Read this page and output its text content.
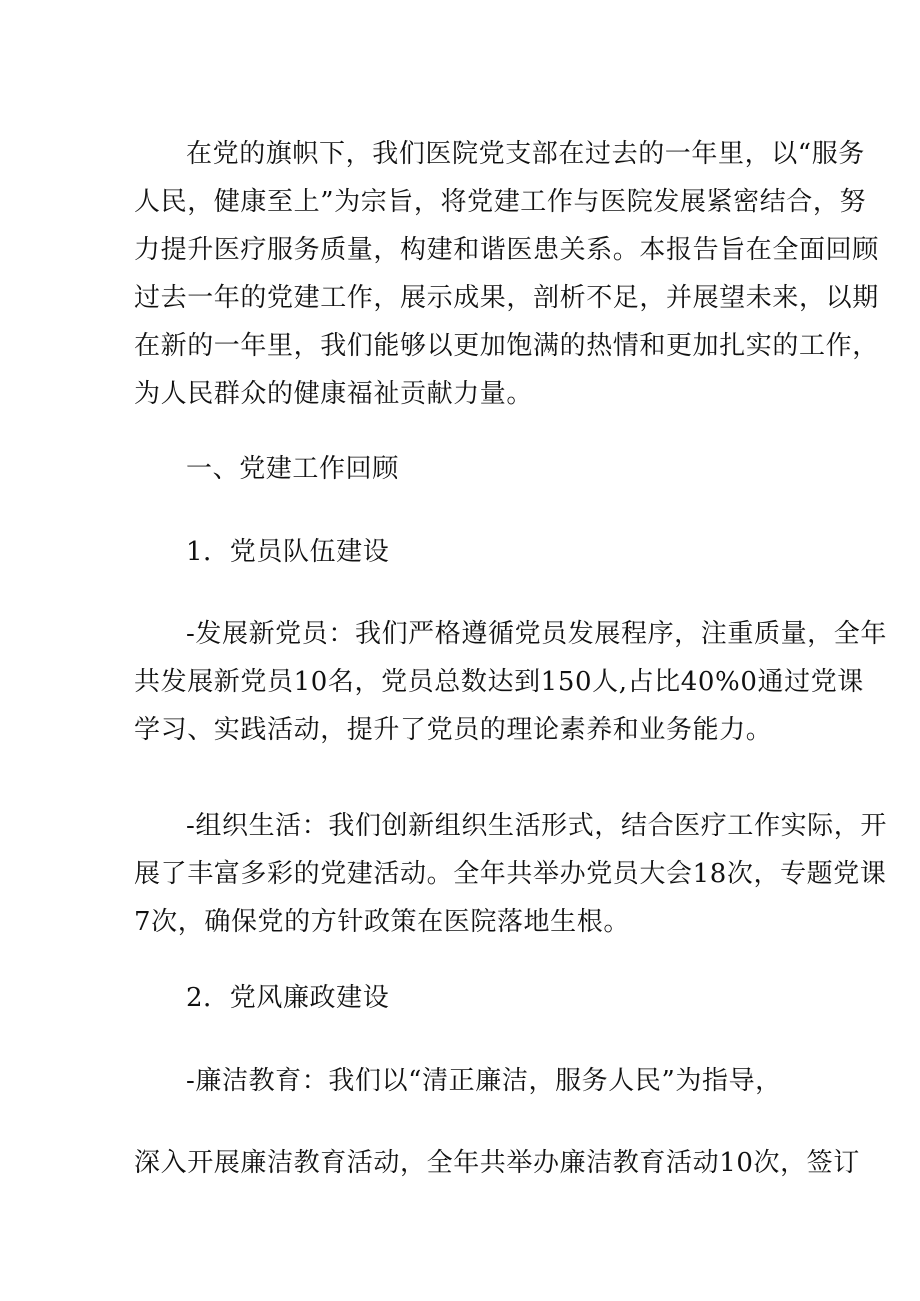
在党的旗帜下，我们医院党支部在过去的一年里，以“服务
人民，健康至上”为宗旨，将党建工作与医院发展紧密结合，努
力提升医疗服务质量，构建和谐医患关系。本报告旨在全面回顾
过去一年的党建工作，展示成果，剖析不足，并展望未来，以期
在新的一年里，我们能够以更加饱满的热情和更加扎实的工作，
为人民群众的健康福祉贡献力量。
一、党建工作回顾
1．党员队伍建设
-发展新党员：我们严格遵循党员发展程序，注重质量，全年
共发展新党员10名，党员总数达到150人,占比40%0通过党课
学习、实践活动，提升了党员的理论素养和业务能力。
-组织生活：我们创新组织生活形式，结合医疗工作实际，开
展了丰富多彩的党建活动。全年共举办党员大会18次，专题党课
7次，确保党的方针政策在医院落地生根。
2．党风廉政建设
-廉洁教育：我们以“清正廉洁，服务人民”为指导，
深入开展廉洁教育活动，全年共举办廉洁教育活动10次，签订
